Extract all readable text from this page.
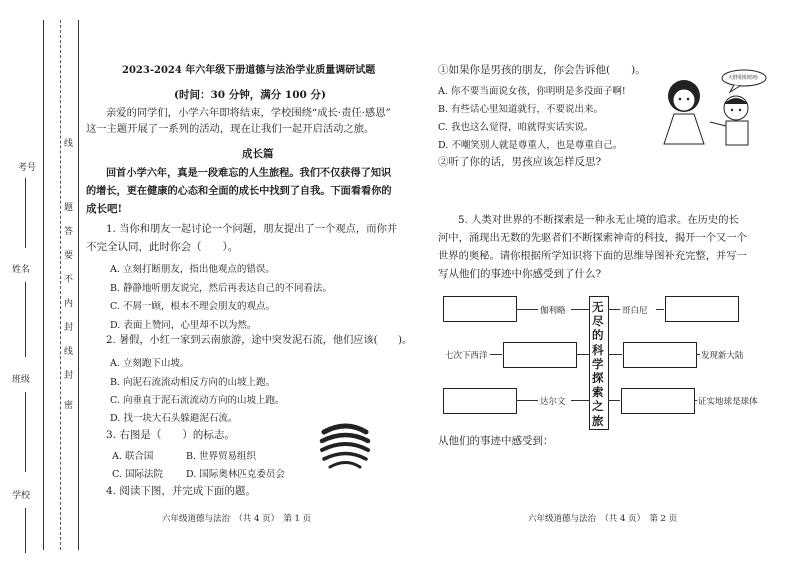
考号
姓名
班级
学校
线
题
答
要
不
内
封
线
封
密
2023-2024 年六年级下册道德与法治学业质量调研试题
(时间：30 分钟，满分 100 分)
亲爱的同学们，小学六年即将结束，学校围绕“成长·责任·感恩”
这一主题开展了一系列的活动，现在让我们一起开启活动之旅。
成长篇
回首小学六年，真是一段难忘的人生旅程。我们不仅获得了知识
的增长，更在健康的心态和全面的成长中找到了自我。下面看看你的
成长吧!
1. 当你和朋友一起讨论一个问题，朋友提出了一个观点，而你并
不完全认同，此时你会（　　）。
A. 立刻打断朋友，指出他观点的错误。
B. 静静地听朋友说完，然后再表达自己的不同看法。
C. 不屑一顾，根本不理会朋友的观点。
D. 表面上赞同，心里却不以为然。
2. 暑假，小红一家到云南旅游，途中突发泥石流，他们应该(　　)。
A. 立刻跑下山坡。
B. 向泥石流流动相反方向的山坡上跑。
C. 向垂直于泥石流流动方向的山坡上跑。
D. 找一块大石头躲避泥石流。
3. 右图是（　　）的标志。
A. 联合国	B. 世界贸易组织
C. 国际法院 D. 国际奥林匹克委员会
4. 阅读下图，并完成下面的题。
六年级道德与法治　（共 4 页）　第 1 页
①如果你是男孩的朋友，你会告诉他(　　)。
A. 你不要当面说女孩，你明明是多没面子啊!
B. 有些话心里知道就行，不要说出来。
C. 我也这么觉得，咱就得实话实说。
D. 不嘲笑别人就是尊重人，也是尊重自己。
②听了你的话，男孩应该怎样反思?
大胖姐姐哈哈
5. 人类对世界的不断探索是一种永无止境的追求。在历史的长
河中，涌现出无数的先驱者们不断探索神奇的科技，揭开一个又一个
世界的奥秘。请你根据所学知识将下面的思维导图补充完整，并写一
写从他们的事迹中你感受到了什么?
无尽的科学探索之旅
伽利略	哥白尼
七次下西洋	发现新大陆
达尔文	证实地球是球体
从他们的事迹中感受到：
六年级道德与法治　（共 4 页）　第 2 页
